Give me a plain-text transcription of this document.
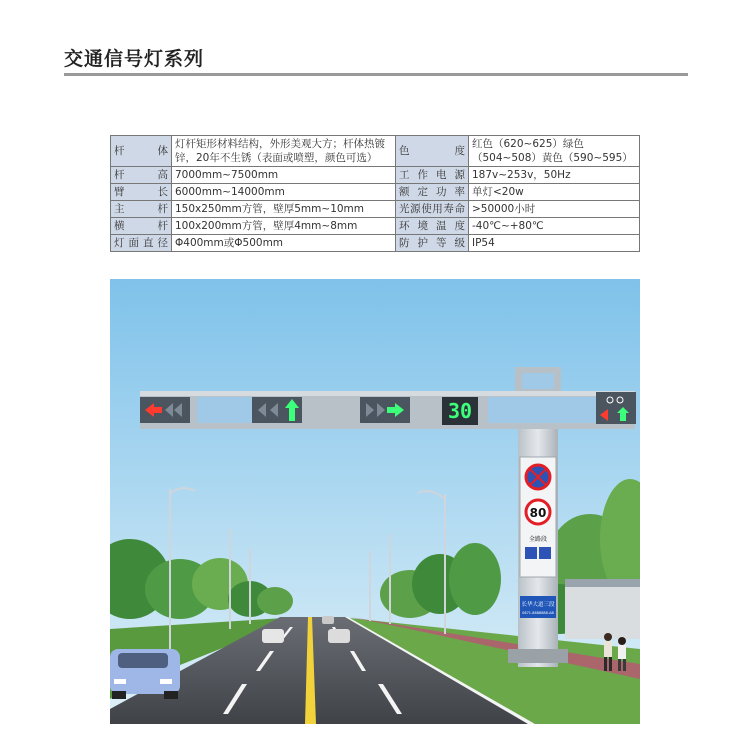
交通信号灯系列
杆体	灯杆矩形材料结构，外形美观大方；杆体热镀锌，20年不生锈（表面或喷塑，颜色可选）	色度	红色（620~625）绿色（504~508）黄色（590~595）
杆高	7000mm~7500mm	工作电源	187v~253v，50Hz
臂长	6000mm~14000mm	额定功率	单灯<20w
主杆	150x250mm方管，壁厚5mm~10mm	光源使用寿命	>50000小时
横杆	100x200mm方管，壁厚4mm~8mm	环境温度	-40℃~+80℃
灯面直径	Φ400mm或Φ500mm	防护等级	IP54
30
80
全路段
长华大道三段
0871-8888888-AB
